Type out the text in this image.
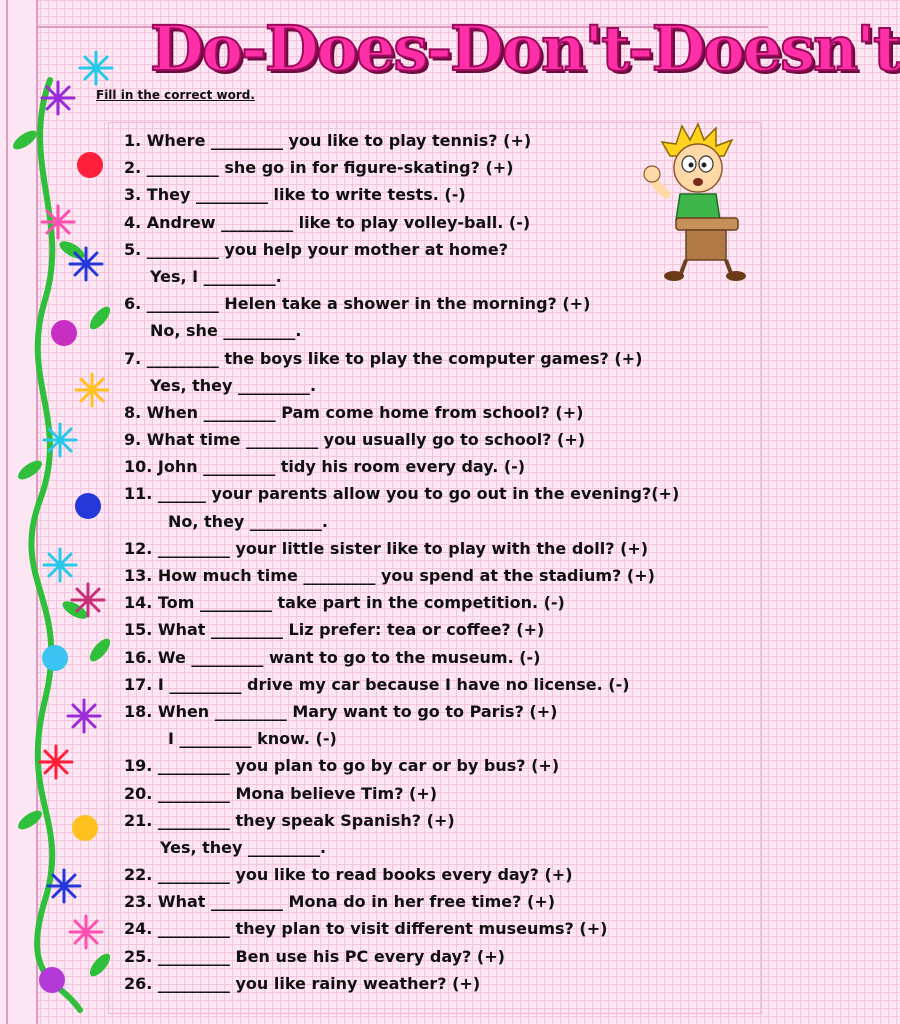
Do-Does-Don't-Doesn't
Fill in the correct word.
1. Where _________ you like to play tennis? (+)
2. _________ she go in for figure-skating? (+)
3. They _________ like to write tests. (-)
4. Andrew _________ like to play volley-ball. (-)
5. _________ you help your mother at home?
Yes, I _________.
6. _________ Helen take a shower in the morning? (+)
No, she _________.
7. _________ the boys like to play the computer games? (+)
Yes, they _________.
8. When _________ Pam come home from school? (+)
9. What time _________ you usually go to school? (+)
10. John _________ tidy his room every day. (-)
11. ______ your parents allow you to go out in the evening?(+)
No, they _________.
12. _________ your little sister like to play with the doll? (+)
13. How much time _________ you spend at the stadium? (+)
14. Tom _________ take part in the competition. (-)
15. What _________ Liz prefer: tea or coffee? (+)
16. We _________ want to go to the museum. (-)
17. I _________ drive my car because I have no license. (-)
18. When _________ Mary want to go to Paris? (+)
I _________ know. (-)
19. _________ you plan to go by car or by bus? (+)
20. _________ Mona believe Tim? (+)
21. _________ they speak Spanish? (+)
Yes, they _________.
22. _________ you like to read books every day? (+)
23. What _________ Mona do in her free time? (+)
24. _________ they plan to visit different museums? (+)
25. _________ Ben use his PC every day? (+)
26. _________ you like rainy weather? (+)
